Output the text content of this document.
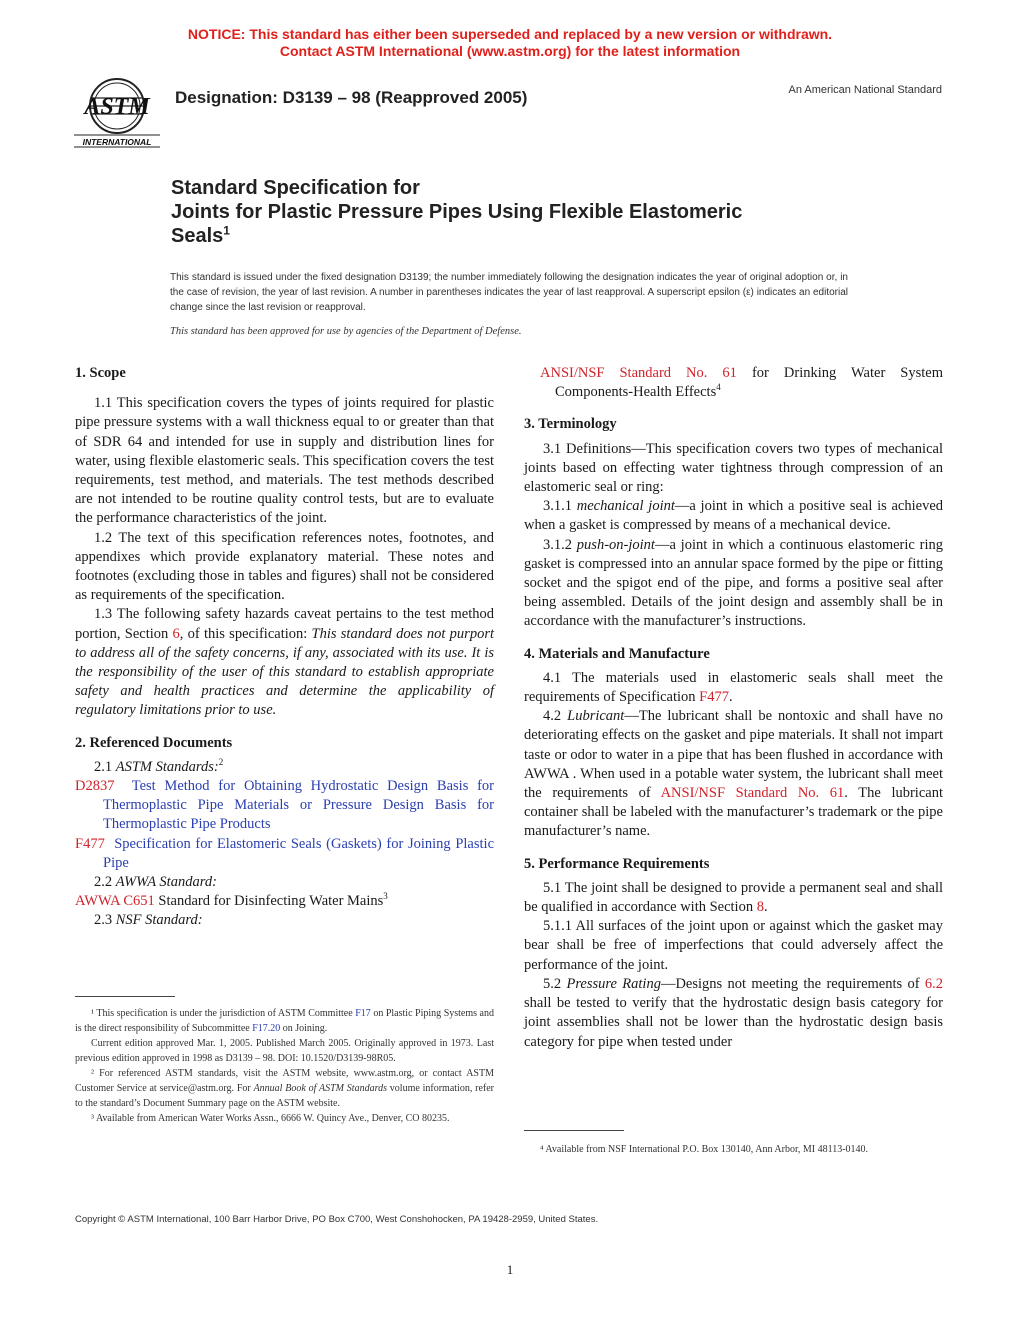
NOTICE: This standard has either been superseded and replaced by a new version or withdrawn.
Contact ASTM International (www.astm.org) for the latest information
ASTM
INTERNATIONAL
Designation: D3139 – 98 (Reapproved 2005)	An American National Standard
Standard Specification for
Joints for Plastic Pressure Pipes Using Flexible Elastomeric
Seals$^1$
This standard is issued under the fixed designation D3139; the number immediately following the designation indicates the year of original adoption or, in the case of revision, the year of last revision. A number in parentheses indicates the year of last reapproval. A superscript epsilon (ε) indicates an editorial change since the last revision or reapproval.
This standard has been approved for use by agencies of the Department of Defense.
1. Scope

1.1 This specification covers the types of joints required for plastic pipe pressure systems with a wall thickness equal to or greater than that of SDR 64 and intended for use in supply and distribution lines for water, using flexible elastomeric seals. This specification covers the test requirements, test method, and materials. The test methods described are not intended to be routine quality control tests, but are to evaluate the performance characteristics of the joint.

1.2 The text of this specification references notes, footnotes, and appendixes which provide explanatory material. These notes and footnotes (excluding those in tables and figures) shall not be considered as requirements of the specification.

1.3 The following safety hazards caveat pertains to the test method portion, Section 6, of this specification: This standard does not purport to address all of the safety concerns, if any, associated with its use. It is the responsibility of the user of this standard to establish appropriate safety and health practices and determine the applicability of regulatory limitations prior to use.

2. Referenced Documents

2.1 ASTM Standards:$^2$

D2837 Test Method for Obtaining Hydrostatic Design Basis for Thermoplastic Pipe Materials or Pressure Design Basis for Thermoplastic Pipe Products

F477 Specification for Elastomeric Seals (Gaskets) for Joining Plastic Pipe

2.2 AWWA Standard:

AWWA C651 Standard for Disinfecting Water Mains$^3$

2.3 NSF Standard:

ANSI/NSF Standard No. 61 for Drinking Water System Components-Health Effects$^4$

3. Terminology

3.1 Definitions—This specification covers two types of mechanical joints based on effecting water tightness through compression of an elastomeric seal or ring:

3.1.1 mechanical joint—a joint in which a positive seal is achieved when a gasket is compressed by means of a mechanical device.

3.1.2 push-on-joint—a joint in which a continuous elastomeric ring gasket is compressed into an annular space formed by the pipe or fitting socket and the spigot end of the pipe, and forms a positive seal after being assembled. Details of the joint design and assembly shall be in accordance with the manufacturer’s instructions.

4. Materials and Manufacture

4.1 The materials used in elastomeric seals shall meet the requirements of Specification F477.

4.2 Lubricant—The lubricant shall be nontoxic and shall have no deteriorating effects on the gasket and pipe materials. It shall not impart taste or odor to water in a pipe that has been flushed in accordance with AWWA . When used in a potable water system, the lubricant shall meet the requirements of ANSI/NSF Standard No. 61. The lubricant container shall be labeled with the manufacturer’s trademark or the pipe manufacturer’s name.

5. Performance Requirements

5.1 The joint shall be designed to provide a permanent seal and shall be qualified in accordance with Section 8.

5.1.1 All surfaces of the joint upon or against which the gasket may bear shall be free of imperfections that could adversely affect the performance of the joint.

5.2 Pressure Rating—Designs not meeting the requirements of 6.2 shall be tested to verify that the hydrostatic design basis category for joint assemblies shall not be lower than the hydrostatic design basis category for pipe when tested under

¹ This specification is under the jurisdiction of ASTM Committee F17 on Plastic Piping Systems and is the direct responsibility of Subcommittee F17.20 on Joining.

Current edition approved Mar. 1, 2005. Published March 2005. Originally approved in 1973. Last previous edition approved in 1998 as D3139 – 98. DOI: 10.1520/D3139-98R05.

² For referenced ASTM standards, visit the ASTM website, www.astm.org, or contact ASTM Customer Service at service@astm.org. For Annual Book of ASTM Standards volume information, refer to the standard’s Document Summary page on the ASTM website.

³ Available from American Water Works Assn., 6666 W. Quincy Ave., Denver, CO 80235.

⁴ Available from NSF International P.O. Box 130140, Ann Arbor, MI 48113-0140.

Copyright © ASTM International, 100 Barr Harbor Drive, PO Box C700, West Conshohocken, PA 19428-2959, United States.
1
